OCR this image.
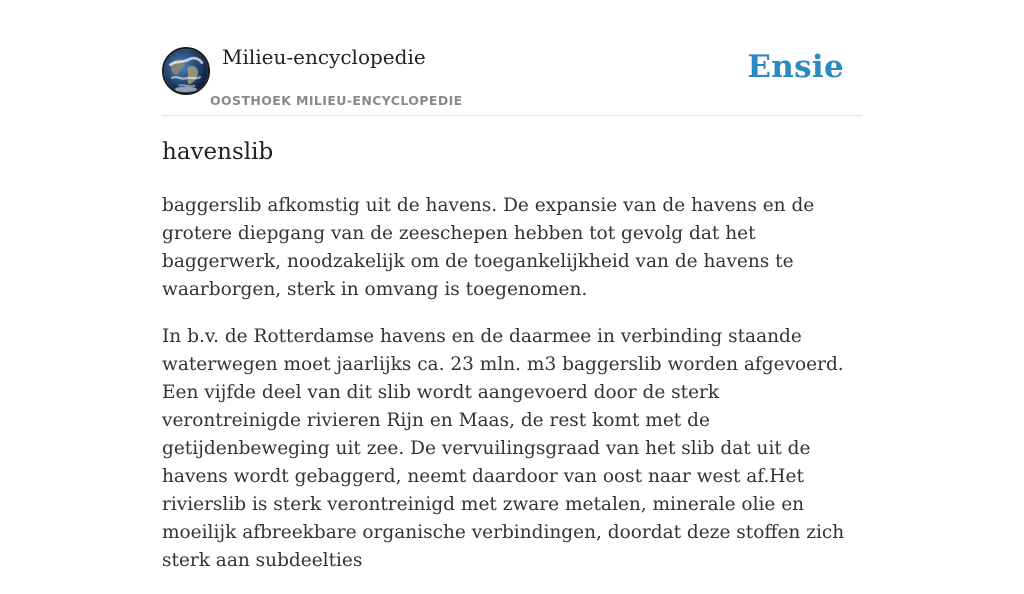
Milieu-encyclopedie
OOSTHOEK MILIEU-ENCYCLOPEDIE
Ensie
havenslib

baggerslib afkomstig uit de havens. De expansie van de havens en de grotere diepgang van de zeeschepen hebben tot gevolg dat het baggerwerk, noodzakelijk om de toegankelijkheid van de havens te waarborgen, sterk in omvang is toegenomen.

In b.v. de Rotterdamse havens en de daarmee in verbinding staande waterwegen moet jaarlijks ca. 23 mln. m3 baggerslib worden afgevoerd. Een vijfde deel van dit slib wordt aangevoerd door de sterk verontreinigde rivieren Rijn en Maas, de rest komt met de getijdenbeweging uit zee. De vervuilingsgraad van het slib dat uit de havens wordt gebaggerd, neemt daardoor van oost naar west af.Het rivierslib is sterk verontreinigd met zware metalen, minerale olie en moeilijk afbreekbare organische verbindingen, doordat deze stoffen zich sterk aan subdeelties
